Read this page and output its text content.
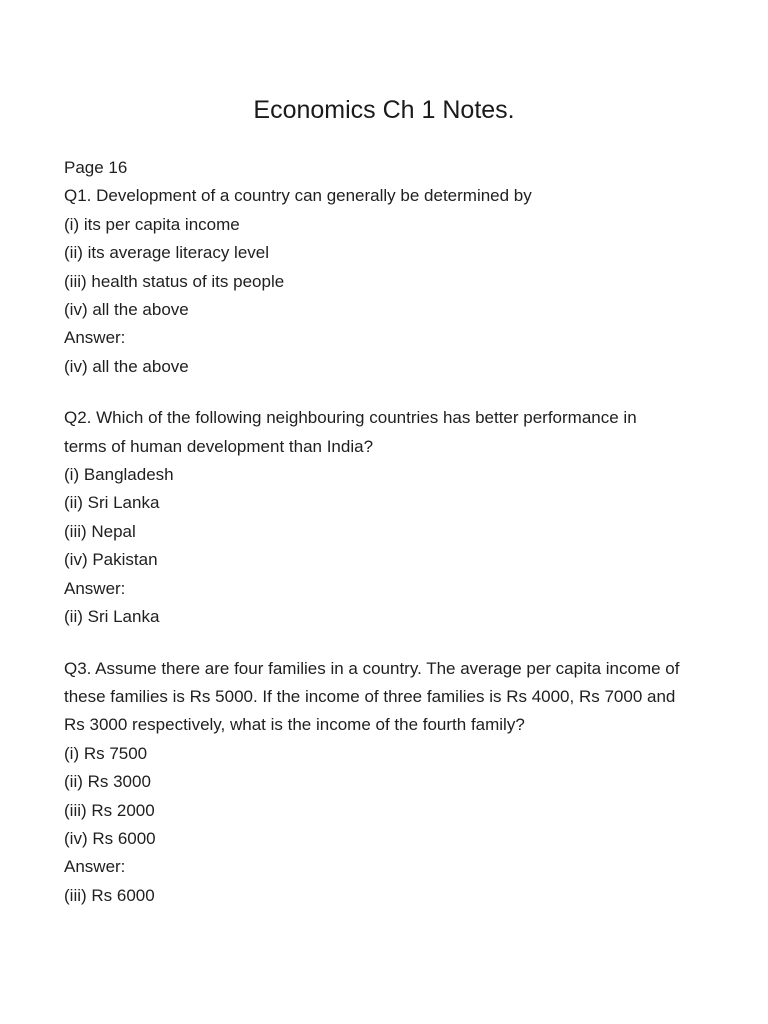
Economics Ch 1 Notes.

Page 16

Q1. Development of a country can generally be determined by

(i) its per capita income

(ii) its average literacy level

(iii) health status of its people

(iv) all the above

Answer:

(iv) all the above

Q2. Which of the following neighbouring countries has better performance in

terms of human development than India?

(i) Bangladesh

(ii) Sri Lanka

(iii) Nepal

(iv) Pakistan

Answer:

(ii) Sri Lanka

Q3. Assume there are four families in a country. The average per capita income of

these families is Rs 5000. If the income of three families is Rs 4000, Rs 7000 and

Rs 3000 respectively, what is the income of the fourth family?

(i) Rs 7500

(ii) Rs 3000

(iii) Rs 2000

(iv) Rs 6000

Answer:

(iii) Rs 6000
